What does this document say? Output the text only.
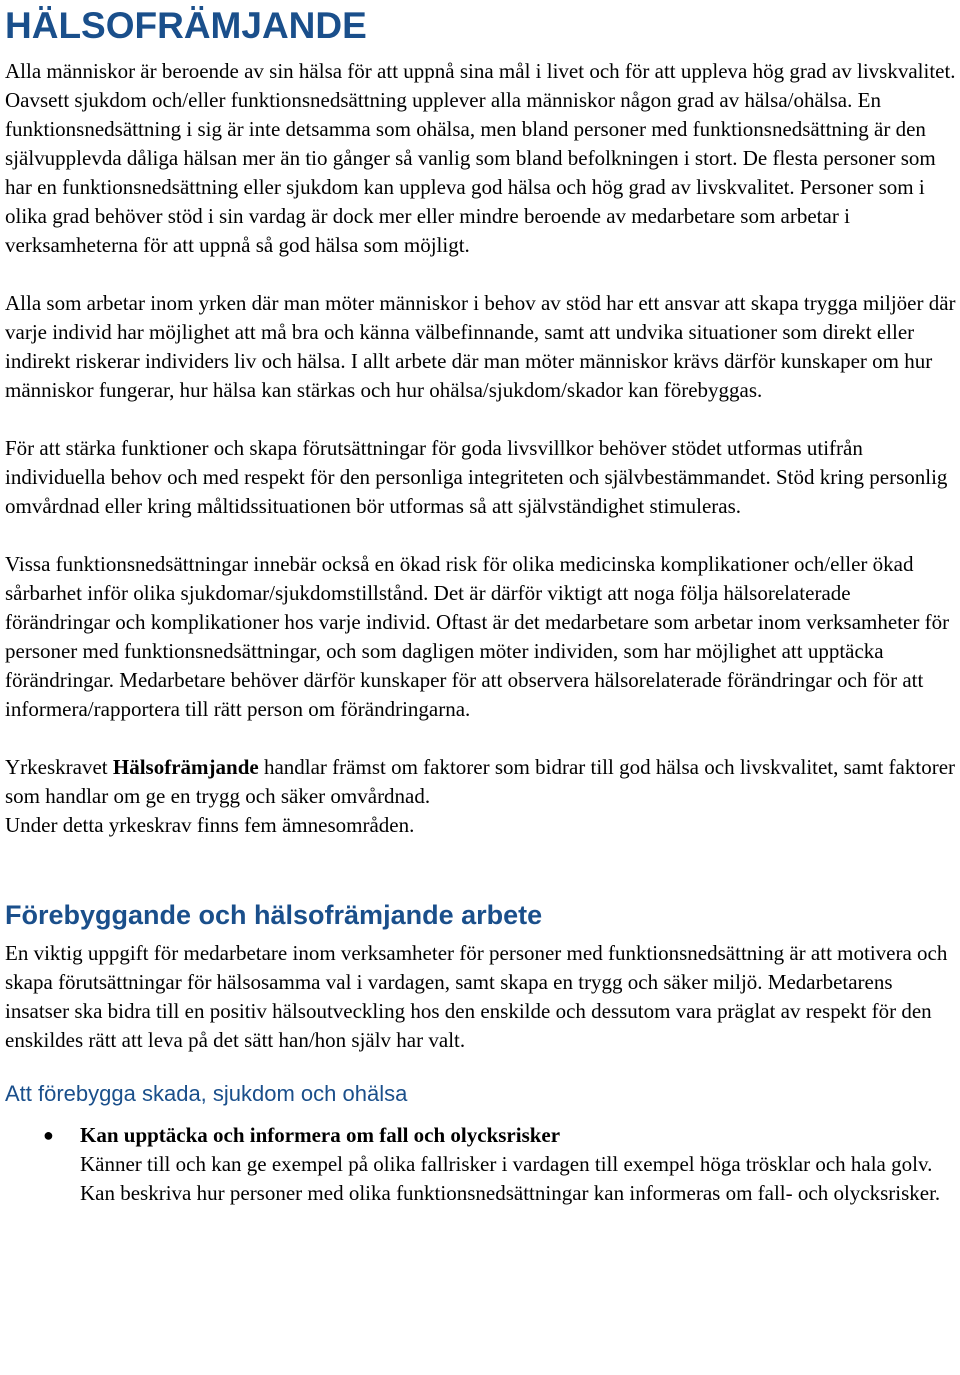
HÄLSOFRÄMJANDE

Alla människor är beroende av sin hälsa för att uppnå sina mål i livet och för att uppleva hög grad av livskvalitet. Oavsett sjukdom och/eller funktionsnedsättning upplever alla människor någon grad av hälsa/ohälsa. En funktionsnedsättning i sig är inte detsamma som ohälsa, men bland personer med funktionsnedsättning är den självupplevda dåliga hälsan mer än tio gånger så vanlig som bland befolkningen i stort. De flesta personer som har en funktionsnedsättning eller sjukdom kan uppleva god hälsa och hög grad av livskvalitet. Personer som i olika grad behöver stöd i sin vardag är dock mer eller mindre beroende av medarbetare som arbetar i verksamheterna för att uppnå så god hälsa som möjligt.

Alla som arbetar inom yrken där man möter människor i behov av stöd har ett ansvar att skapa trygga miljöer där varje individ har möjlighet att må bra och känna välbefinnande, samt att undvika situationer som direkt eller indirekt riskerar individers liv och hälsa. I allt arbete där man möter människor krävs därför kunskaper om hur människor fungerar, hur hälsa kan stärkas och hur ohälsa/sjukdom/skador kan förebyggas.

För att stärka funktioner och skapa förutsättningar för goda livsvillkor behöver stödet utformas utifrån individuella behov och med respekt för den personliga integriteten och självbestämmandet. Stöd kring personlig omvårdnad eller kring måltidssituationen bör utformas så att självständighet stimuleras.

Vissa funktionsnedsättningar innebär också en ökad risk för olika medicinska komplikationer och/eller ökad sårbarhet inför olika sjukdomar/sjukdomstillstånd. Det är därför viktigt att noga följa hälsorelaterade förändringar och komplikationer hos varje individ. Oftast är det medarbetare som arbetar inom verksamheter för personer med funktionsnedsättningar, och som dagligen möter individen, som har möjlighet att upptäcka förändringar. Medarbetare behöver därför kunskaper för att observera hälsorelaterade förändringar och för att informera/rapportera till rätt person om förändringarna.

Yrkeskravet Hälsofrämjande handlar främst om faktorer som bidrar till god hälsa och livskvalitet, samt faktorer som handlar om ge en trygg och säker omvårdnad.

Under detta yrkeskrav finns fem ämnesområden.

Förebyggande och hälsofrämjande arbete

En viktig uppgift för medarbetare inom verksamheter för personer med funktionsnedsättning är att motivera och skapa förutsättningar för hälsosamma val i vardagen, samt skapa en trygg och säker miljö. Medarbetarens insatser ska bidra till en positiv hälsoutveckling hos den enskilde och dessutom vara präglat av respekt för den enskildes rätt att leva på det sätt han/hon själv har valt.

Att förebygga skada, sjukdom och ohälsa
● Kan upptäcka och informera om fall och olycksrisker
Känner till och kan ge exempel på olika fallrisker i vardagen till exempel höga trösklar och hala golv. Kan beskriva hur personer med olika funktionsnedsättningar kan informeras om fall- och olycksrisker.
